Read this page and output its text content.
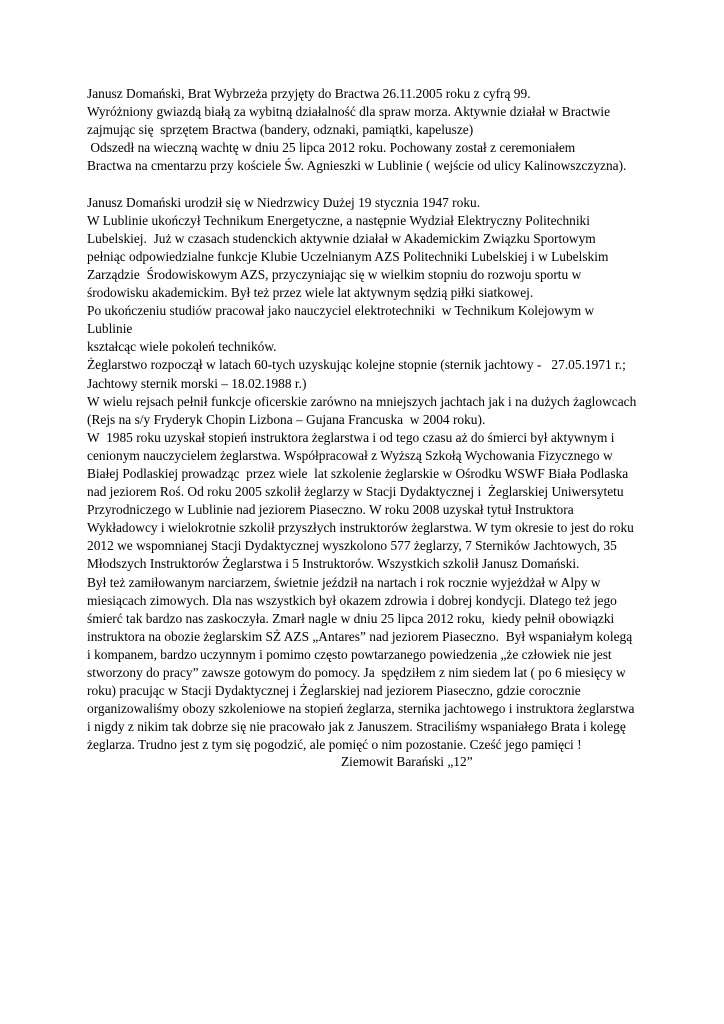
Janusz Domański, Brat Wybrzeża przyjęty do Bractwa 26.11.2005 roku z cyfrą 99.
Wyróżniony gwiazdą białą za wybitną działalność dla spraw morza. Aktywnie działał w Bractwie
zajmując się  sprzętem Bractwa (bandery, odznaki, pamiątki, kapelusze)
Odszedł na wieczną wachtę w dniu 25 lipca 2012 roku. Pochowany został z ceremoniałem
Bractwa na cmentarzu przy kościele Św. Agnieszki w Lublinie ( wejście od ulicy Kalinowszczyzna).
Janusz Domański urodził się w Niedrzwicy Dużej 19 stycznia 1947 roku.
W Lublinie ukończył Technikum Energetyczne, a następnie Wydział Elektryczny Politechniki
Lubelskiej.  Już w czasach studenckich aktywnie działał w Akademickim Związku Sportowym
pełniąc odpowiedzialne funkcje Klubie Uczelnianym AZS Politechniki Lubelskiej i w Lubelskim
Zarządzie  Środowiskowym AZS, przyczyniając się w wielkim stopniu do rozwoju sportu w
środowisku akademickim. Był też przez wiele lat aktywnym sędzią piłki siatkowej.
Po ukończeniu studiów pracował jako nauczyciel elektrotechniki  w Technikum Kolejowym w
Lublinie
kształcąc wiele pokoleń techników.
Żeglarstwo rozpoczął w latach 60-tych uzyskując kolejne stopnie (sternik jachtowy -   27.05.1971 r.;
Jachtowy sternik morski – 18.02.1988 r.)
W wielu rejsach pełnił funkcje oficerskie zarówno na mniejszych jachtach jak i na dużych żaglowcach
(Rejs na s/y Fryderyk Chopin Lizbona – Gujana Francuska  w 2004 roku).
W  1985 roku uzyskał stopień instruktora żeglarstwa i od tego czasu aż do śmierci był aktywnym i
cenionym nauczycielem żeglarstwa. Współpracował z Wyższą Szkołą Wychowania Fizycznego w
Białej Podlaskiej prowadząc  przez wiele  lat szkolenie żeglarskie w Ośrodku WSWF Biała Podlaska
nad jeziorem Roś. Od roku 2005 szkolił żeglarzy w Stacji Dydaktycznej i  Żeglarskiej Uniwersytetu
Przyrodniczego w Lublinie nad jeziorem Piaseczno. W roku 2008 uzyskał tytuł Instruktora
Wykładowcy i wielokrotnie szkolił przyszłych instruktorów żeglarstwa. W tym okresie to jest do roku
2012 we wspomnianej Stacji Dydaktycznej wyszkolono 577 żeglarzy, 7 Sterników Jachtowych, 35
Młodszych Instruktorów Żeglarstwa i 5 Instruktorów. Wszystkich szkolił Janusz Domański.
Był też zamiłowanym narciarzem, świetnie jeździł na nartach i rok rocznie wyjeżdżał w Alpy w
miesiącach zimowych. Dla nas wszystkich był okazem zdrowia i dobrej kondycji. Dlatego też jego
śmierć tak bardzo nas zaskoczyła. Zmarł nagle w dniu 25 lipca 2012 roku,  kiedy pełnił obowiązki
instruktora na obozie żeglarskim SŻ AZS „Antares” nad jeziorem Piaseczno.  Był wspaniałym kolegą
i kompanem, bardzo uczynnym i pomimo często powtarzanego powiedzenia „że człowiek nie jest
stworzony do pracy” zawsze gotowym do pomocy. Ja  spędziłem z nim siedem lat ( po 6 miesięcy w
roku) pracując w Stacji Dydaktycznej i Żeglarskiej nad jeziorem Piaseczno, gdzie corocznie
organizowaliśmy obozy szkoleniowe na stopień żeglarza, sternika jachtowego i instruktora żeglarstwa
i nigdy z nikim tak dobrze się nie pracowało jak z Januszem. Straciliśmy wspaniałego Brata i kolegę
żeglarza. Trudno jest z tym się pogodzić, ale pomięć o nim pozostanie. Cześć jego pamięci !
Ziemowit Barański „12”
